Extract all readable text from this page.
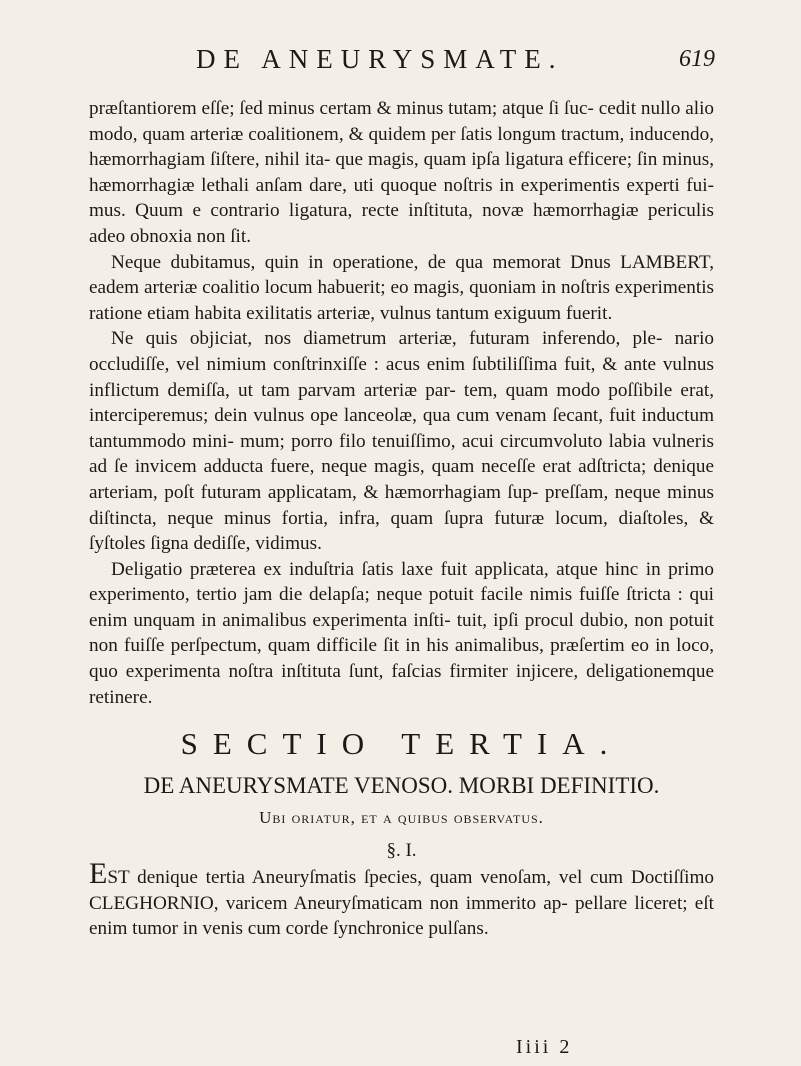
DE ANEURYSMATE.	619

præſtantiorem eſſe; ſed minus certam & minus tutam; atque ſi ſuc- cedit nullo alio modo, quam arteriæ coalitionem, & quidem per ſatis longum tractum, inducendo, hæmorrhagiam ſiſtere, nihil ita- que magis, quam ipſa ligatura efficere; ſin minus, hæmorrhagiæ lethali anſam dare, uti quoque noſtris in experimentis experti fui- mus. Quum e contrario ligatura, recte inſtituta, novæ hæmorrhagiæ periculis adeo obnoxia non ſit.

Neque dubitamus, quin in operatione, de qua memorat Dnus LAMBERT, eadem arteriæ coalitio locum habuerit; eo magis, quoniam in noſtris experimentis ratione etiam habita exilitatis arteriæ, vulnus tantum exiguum fuerit.

Ne quis objiciat, nos diametrum arteriæ, futuram inferendo, ple- nario occludiſſe, vel nimium conſtrinxiſſe : acus enim ſubtiliſſima fuit, & ante vulnus inflictum demiſſa, ut tam parvam arteriæ par- tem, quam modo poſſibile erat, interciperemus; dein vulnus ope lanceolæ, qua cum venam ſecant, fuit inductum tantummodo mini- mum; porro filo tenuiſſimo, acui circumvoluto labia vulneris ad ſe invicem adducta fuere, neque magis, quam neceſſe erat adſtricta; denique arteriam, poſt futuram applicatam, & hæmorrhagiam ſup- preſſam, neque minus diſtincta, neque minus fortia, infra, quam ſupra futuræ locum, diaſtoles, & ſyſtoles ſigna dediſſe, vidimus.

Deligatio præterea ex induſtria ſatis laxe fuit applicata, atque hinc in primo experimento, tertio jam die delapſa; neque potuit facile nimis fuiſſe ſtricta : qui enim unquam in animalibus experimenta inſti- tuit, ipſi procul dubio, non potuit non fuiſſe perſpectum, quam difficile ſit in his animalibus, præſertim eo in loco, quo experimenta noſtra inſtituta ſunt, faſcias firmiter injicere, deligationemque retinere.

SECTIO TERTIA.
DE ANEURYSMATE VENOSO. MORBI DEFINITIO.
Ubi oriatur, et a quibus observatus.
§. I.

EST denique tertia Aneuryſmatis ſpecies, quam venoſam, vel cum Doctiſſimo CLEGHORNIO, varicem Aneuryſmaticam non immerito ap- pellare liceret; eſt enim tumor in venis cum corde ſynchronice pulſans.

Iiii 2
